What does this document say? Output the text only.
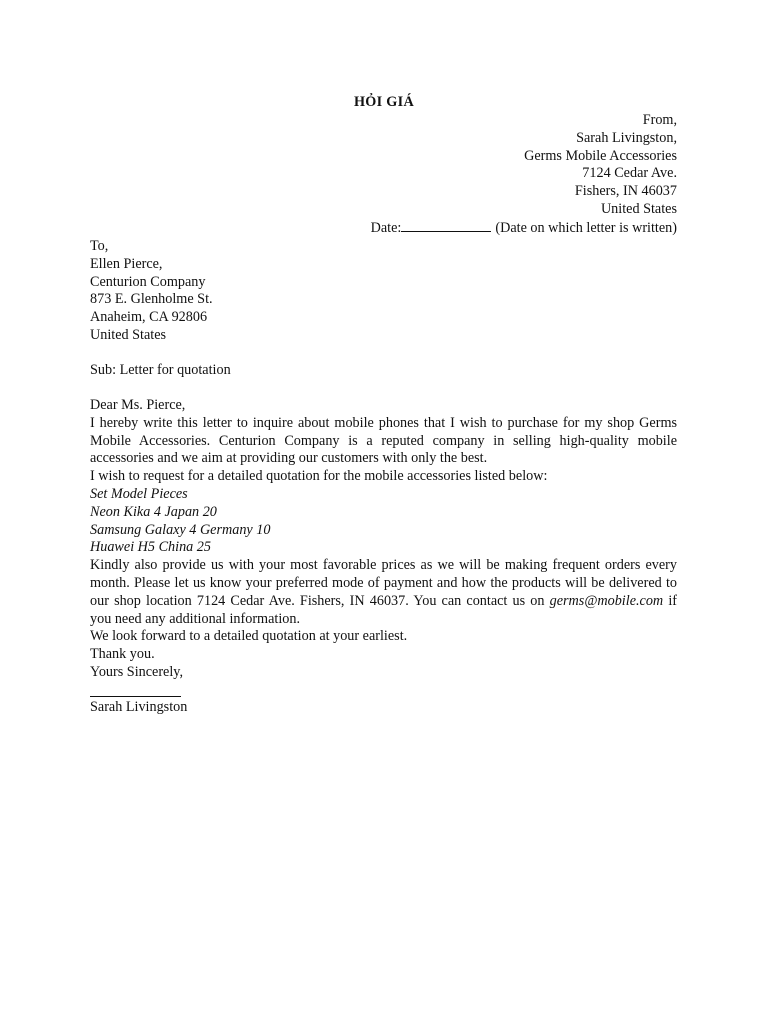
HỎI GIÁ
From,
Sarah Livingston,
Germs Mobile Accessories
7124 Cedar Ave.
Fishers, IN 46037
United States
Date:	(Date on which letter is written)
To,
Ellen Pierce,
Centurion Company
873 E. Glenholme St.
Anaheim, CA 92806
United States
Sub: Letter for quotation
Dear Ms. Pierce,
I hereby write this letter to inquire about mobile phones that I wish to purchase for my shop Germs Mobile Accessories. Centurion Company is a reputed company in selling high-quality mobile accessories and we aim at providing our customers with only the best.
I wish to request for a detailed quotation for the mobile accessories listed below:
Set Model Pieces
Neon Kika 4 Japan 20
Samsung Galaxy 4 Germany 10
Huawei H5 China 25
Kindly also provide us with your most favorable prices as we will be making frequent orders every month. Please let us know your preferred mode of payment and how the products will be delivered to our shop location 7124 Cedar Ave. Fishers, IN 46037. You can contact us on germs@mobile.com if you need any additional information.
We look forward to a detailed quotation at your earliest.
Thank you.
Yours Sincerely,
Sarah Livingston
